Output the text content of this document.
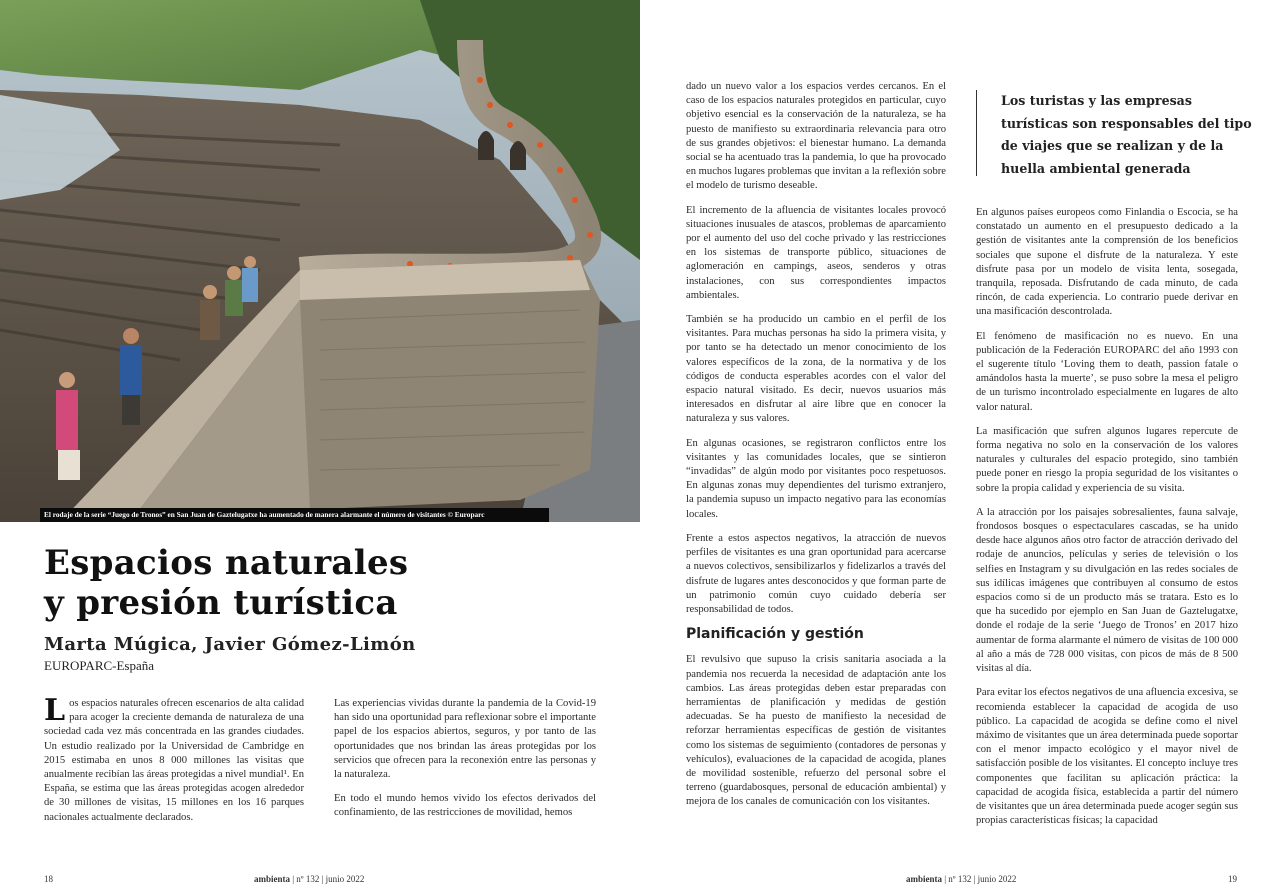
El rodaje de la serie “Juego de Tronos” en San Juan de Gaztelugatxe ha aumentado de manera alarmante el número de visitantes © Europarc
Espacios naturales
y presión turística
Marta Múgica, Javier Gómez-Limón
EUROPARC-España

Los espacios naturales ofrecen escenarios de alta calidad para acoger la creciente demanda de naturaleza de una sociedad cada vez más concentrada en las grandes ciudades. Un estudio realizado por la Universidad de Cambridge en 2015 estimaba en unos 8 000 millones las visitas que anualmente recibían las áreas protegidas a nivel mundial¹. En España, se estima que las áreas protegidas acogen alrededor de 30 millones de visitas, 15 millones en los 16 parques nacionales actualmente declarados.

Las experiencias vividas durante la pandemia de la Covid-19 han sido una oportunidad para reflexionar sobre el importante papel de los espacios abiertos, seguros, y por tanto de las oportunidades que nos brindan las áreas protegidas por los servicios que ofrecen para la reconexión entre las personas y la naturaleza.

En todo el mundo hemos vivido los efectos derivados del confinamiento, de las restricciones de movilidad, hemos

18	ambienta | nº 132 | junio 2022

dado un nuevo valor a los espacios verdes cercanos. En el caso de los espacios naturales protegidos en particular, cuyo objetivo esencial es la conservación de la naturaleza, se ha puesto de manifiesto su extraordinaria relevancia para otro de sus grandes objetivos: el bienestar humano. La demanda social se ha acentuado tras la pandemia, lo que ha provocado en muchos lugares problemas que invitan a la reflexión sobre el modelo de turismo deseable.

El incremento de la afluencia de visitantes locales provocó situaciones inusuales de atascos, problemas de aparcamiento por el aumento del uso del coche privado y las restricciones en los sistemas de transporte público, situaciones de aglomeración en campings, aseos, senderos y otras instalaciones, con sus correspondientes impactos ambientales.

También se ha producido un cambio en el perfil de los visitantes. Para muchas personas ha sido la primera visita, y por tanto se ha detectado un menor conocimiento de los valores específicos de la zona, de la normativa y de los códigos de conducta esperables acordes con el valor del espacio natural visitado. Es decir, nuevos usuarios más interesados en disfrutar al aire libre que en conocer la naturaleza y sus valores.

En algunas ocasiones, se registraron conflictos entre los visitantes y las comunidades locales, que se sintieron “invadidas” de algún modo por visitantes poco respetuosos. En algunas zonas muy dependientes del turismo extranjero, la pandemia supuso un impacto negativo para las economías locales.

Frente a estos aspectos negativos, la atracción de nuevos perfiles de visitantes es una gran oportunidad para acercarse a nuevos colectivos, sensibilizarlos y fidelizarlos a través del disfrute de lugares antes desconocidos y que forman parte de un patrimonio común cuyo cuidado debería ser responsabilidad de todos.

Planificación y gestión

El revulsivo que supuso la crisis sanitaria asociada a la pandemia nos recuerda la necesidad de adaptación ante los cambios. Las áreas protegidas deben estar preparadas con herramientas de planificación y medidas de gestión adecuadas. Se ha puesto de manifiesto la necesidad de reforzar herramientas específicas de gestión de visitantes como los sistemas de seguimiento (contadores de personas y vehículos), evaluaciones de la capacidad de acogida, planes de movilidad sostenible, refuerzo del personal sobre el terreno (guardabosques, personal de educación ambiental) y mejora de los canales de comunicación con los visitantes.

Los turistas y las empresas turísticas son responsables del tipo de viajes que se realizan y de la huella ambiental generada

En algunos países europeos como Finlandia o Escocia, se ha constatado un aumento en el presupuesto dedicado a la gestión de visitantes ante la comprensión de los beneficios sociales que supone el disfrute de la naturaleza. Y este disfrute pasa por un modelo de visita lenta, sosegada, tranquila, reposada. Disfrutando de cada minuto, de cada rincón, de cada experiencia. Lo contrario puede derivar en una masificación descontrolada.

El fenómeno de masificación no es nuevo. En una publicación de la Federación EUROPARC del año 1993 con el sugerente título ‘Loving them to death, passion fatale o amándolos hasta la muerte’, se puso sobre la mesa el peligro de un turismo incontrolado especialmente en lugares de alto valor natural.

La masificación que sufren algunos lugares repercute de forma negativa no solo en la conservación de los valores naturales y culturales del espacio protegido, sino también puede poner en riesgo la propia seguridad de los visitantes o sobre la propia calidad y experiencia de su visita.

A la atracción por los paisajes sobresalientes, fauna salvaje, frondosos bosques o espectaculares cascadas, se ha unido desde hace algunos años otro factor de atracción derivado del rodaje de anuncios, películas y series de televisión o los selfies en Instagram y su divulgación en las redes sociales de sus idílicas imágenes que contribuyen al consumo de estos espacios como si de un producto más se tratara. Esto es lo que ha sucedido por ejemplo en San Juan de Gaztelugatxe, donde el rodaje de la serie ‘Juego de Tronos’ en 2017 hizo aumentar de forma alarmante el número de visitas de 100 000 al año a más de 728 000 visitas, con picos de más de 8 500 visitas al día.

Para evitar los efectos negativos de una afluencia excesiva, se recomienda establecer la capacidad de acogida de uso público. La capacidad de acogida se define como el nivel máximo de visitantes que un área determinada puede soportar con el menor impacto ecológico y el mayor nivel de satisfacción posible de los visitantes. El concepto incluye tres componentes que facilitan su aplicación práctica: la capacidad de acogida física, establecida a partir del número de visitantes que un área determinada puede acoger según sus propias características físicas; la capacidad

ambienta | nº 132 | junio 2022	19
